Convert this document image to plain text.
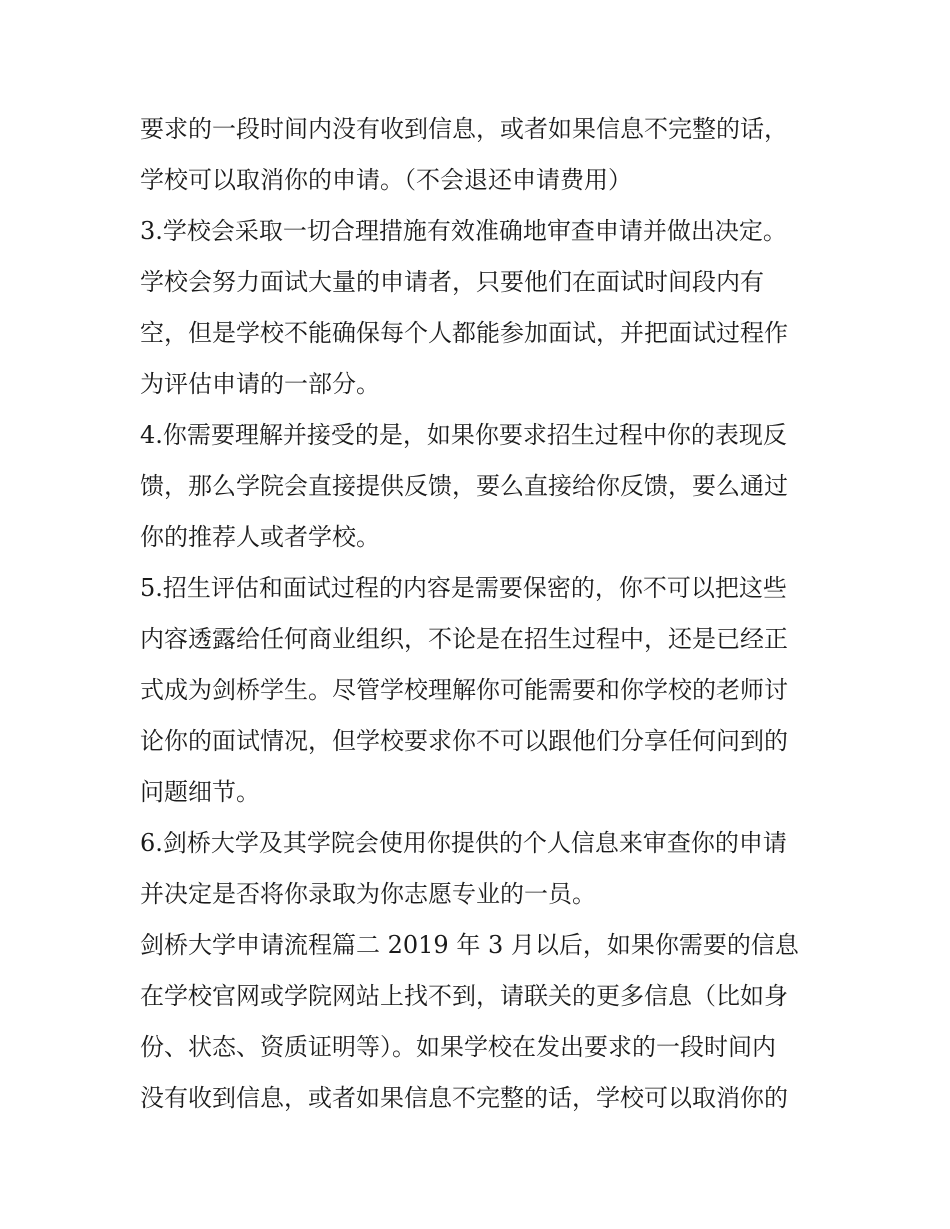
要求的一段时间内没有收到信息，或者如果信息不完整的话，
学校可以取消你的申请。（不会退还申请费用）
3.学校会采取一切合理措施有效准确地审查申请并做出决定。
学校会努力面试大量的申请者，只要他们在面试时间段内有
空，但是学校不能确保每个人都能参加面试，并把面试过程作
为评估申请的一部分。
4.你需要理解并接受的是，如果你要求招生过程中你的表现反
馈，那么学院会直接提供反馈，要么直接给你反馈，要么通过
你的推荐人或者学校。
5.招生评估和面试过程的内容是需要保密的，你不可以把这些
内容透露给任何商业组织，不论是在招生过程中，还是已经正
式成为剑桥学生。尽管学校理解你可能需要和你学校的老师讨
论你的面试情况，但学校要求你不可以跟他们分享任何问到的
问题细节。
6.剑桥大学及其学院会使用你提供的个人信息来审查你的申请
并决定是否将你录取为你志愿专业的一员。
剑桥大学申请流程篇二 2019 年 3 月以后，如果你需要的信息
在学校官网或学院网站上找不到，请联关的更多信息（比如身
份、状态、资质证明等）。如果学校在发出要求的一段时间内
没有收到信息，或者如果信息不完整的话，学校可以取消你的
